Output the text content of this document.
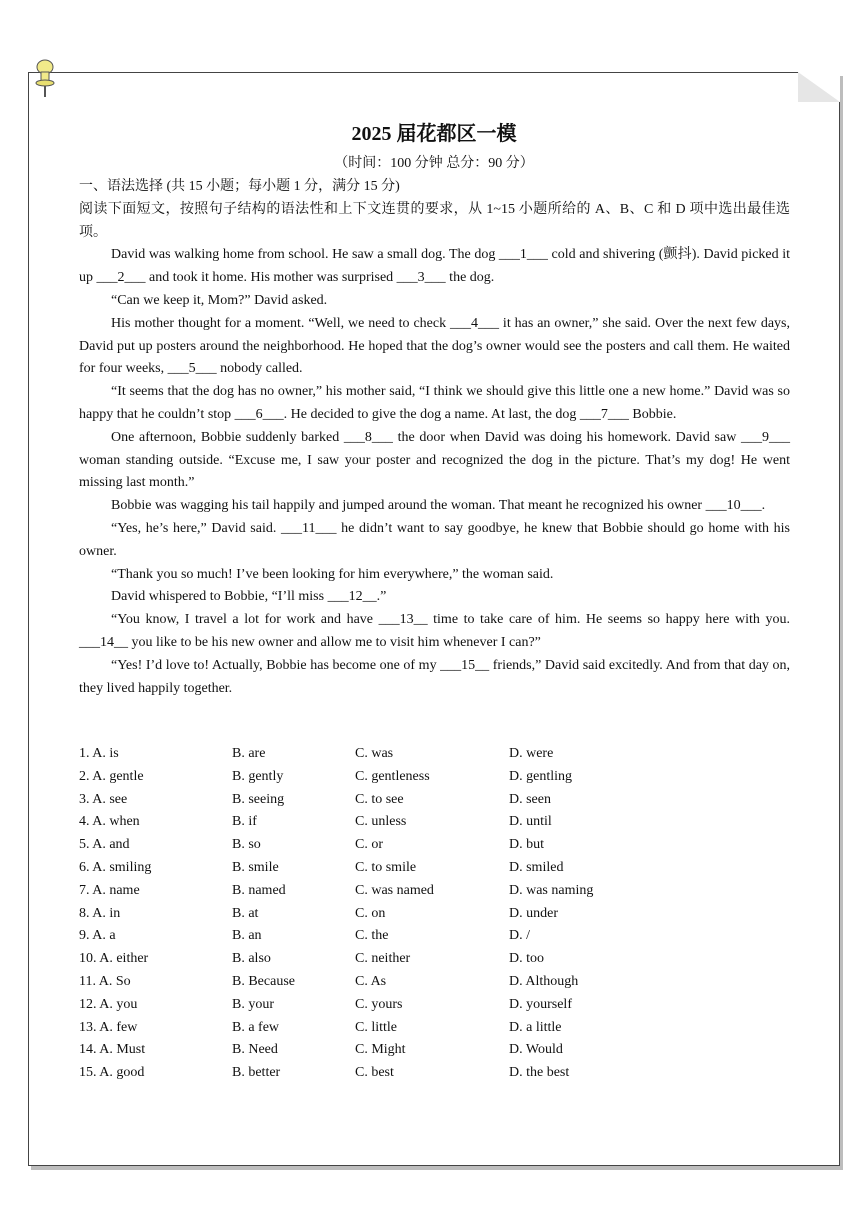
2025 届花都区一模
（时间：100 分钟 总分：90 分）

一、语法选择 (共 15 小题；每小题 1 分，满分 15 分)

阅读下面短文，按照句子结构的语法性和上下文连贯的要求，从 1~15 小题所给的 A、B、C 和 D 项中选出最佳选项。

David was walking home from school. He saw a small dog. The dog ___1___ cold and shivering (颤抖). David picked it up ___2___ and took it home. His mother was surprised ___3___ the dog.

“Can we keep it, Mom?” David asked.

His mother thought for a moment. “Well, we need to check ___4___ it has an owner,” she said. Over the next few days, David put up posters around the neighborhood. He hoped that the dog’s owner would see the posters and call them. He waited for four weeks, ___5___ nobody called.

“It seems that the dog has no owner,” his mother said, “I think we should give this little one a new home.” David was so happy that he couldn’t stop ___6___. He decided to give the dog a name. At last, the dog ___7___ Bobbie.

One afternoon, Bobbie suddenly barked ___8___ the door when David was doing his homework. David saw ___9___ woman standing outside. “Excuse me, I saw your poster and recognized the dog in the picture. That’s my dog! He went missing last month.”

Bobbie was wagging his tail happily and jumped around the woman. That meant he recognized his owner ___10___.

“Yes, he’s here,” David said. ___11___ he didn’t want to say goodbye, he knew that Bobbie should go home with his owner.

“Thank you so much! I’ve been looking for him everywhere,” the woman said.

David whispered to Bobbie, “I’ll miss ___12__.”

“You know, I travel a lot for work and have ___13__ time to take care of him. He seems so happy here with you. ___14__ you like to be his new owner and allow me to visit him whenever I can?”

“Yes! I’d love to! Actually, Bobbie has become one of my ___15__ friends,” David said excitedly. And from that day on, they lived happily together.

1. A. is	B. are	C. was	D. were
2. A. gentle	B. gently	C. gentleness	D. gentling
3. A. see	B. seeing	C. to see	D. seen
4. A. when	B. if	C. unless	D. until
5. A. and	B. so	C. or	D. but
6. A. smiling	B. smile	C. to smile	D. smiled
7. A. name	B. named	C. was named	D. was naming
8. A. in	B. at	C. on	D. under
9. A. a	B. an	C. the	D. /
10. A. either	B. also	C. neither	D. too
11. A. So	B. Because	C. As	D. Although
12. A. you	B. your	C. yours	D. yourself
13. A. few	B. a few	C. little	D. a little
14. A. Must	B. Need	C. Might	D. Would
15. A. good	B. better	C. best	D. the best
